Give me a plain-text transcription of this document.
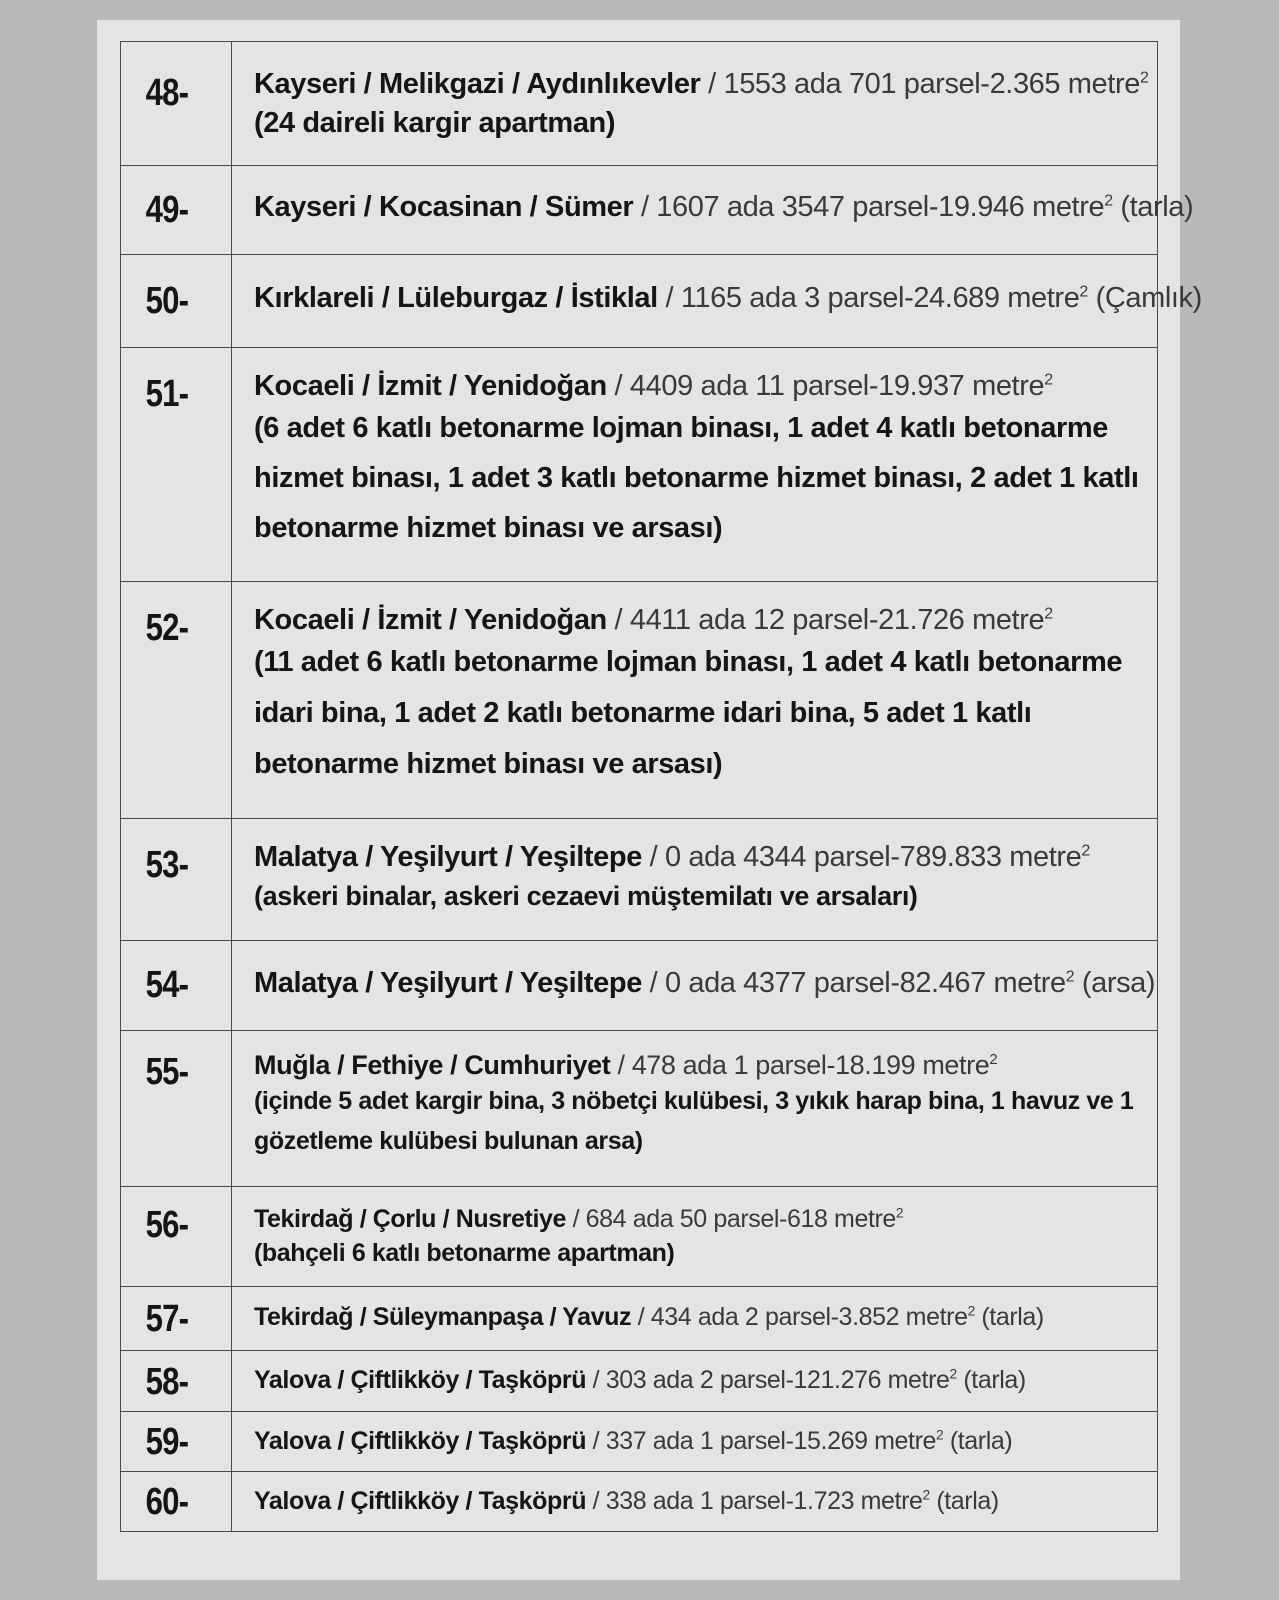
48-	Kayseri / Melikgazi / Aydınlıkevler / 1553 ada 701 parsel-2.365 metre$^2$
(24 daireli kargir apartman)

49-	Kayseri / Kocasinan / Sümer / 1607 ada 3547 parsel-19.946 metre$^2$ (tarla)

50-	Kırklareli / Lüleburgaz / İstiklal / 1165 ada 3 parsel-24.689 metre$^2$ (Çamlık)

51-	Kocaeli / İzmit / Yenidoğan / 4409 ada 11 parsel-19.937 metre$^2$
(6 adet 6 katlı betonarme lojman binası, 1 adet 4 katlı betonarme hizmet binası, 1 adet 3 katlı betonarme hizmet binası, 2 adet 1 katlı betonarme hizmet binası ve arsası)

52-	Kocaeli / İzmit / Yenidoğan / 4411 ada 12 parsel-21.726 metre$^2$
(11 adet 6 katlı betonarme lojman binası, 1 adet 4 katlı betonarme idari bina, 1 adet 2 katlı betonarme idari bina, 5 adet 1 katlı betonarme hizmet binası ve arsası)

53-	Malatya / Yeşilyurt / Yeşiltepe / 0 ada 4344 parsel-789.833 metre$^2$
(askeri binalar, askeri cezaevi müştemilatı ve arsaları)

54-	Malatya / Yeşilyurt / Yeşiltepe / 0 ada 4377 parsel-82.467 metre$^2$ (arsa)

55-	Muğla / Fethiye / Cumhuriyet / 478 ada 1 parsel-18.199 metre$^2$
(içinde 5 adet kargir bina, 3 nöbetçi kulübesi, 3 yıkık harap bina, 1 havuz ve 1 gözetleme kulübesi bulunan arsa)

56-	Tekirdağ / Çorlu / Nusretiye / 684 ada 50 parsel-618 metre$^2$
(bahçeli 6 katlı betonarme apartman)

57-	Tekirdağ / Süleymanpaşa / Yavuz / 434 ada 2 parsel-3.852 metre$^2$ (tarla)

58-	Yalova / Çiftlikköy / Taşköprü / 303 ada 2 parsel-121.276 metre$^2$ (tarla)

59-	Yalova / Çiftlikköy / Taşköprü / 337 ada 1 parsel-15.269 metre$^2$ (tarla)

60-	Yalova / Çiftlikköy / Taşköprü / 338 ada 1 parsel-1.723 metre$^2$ (tarla)
